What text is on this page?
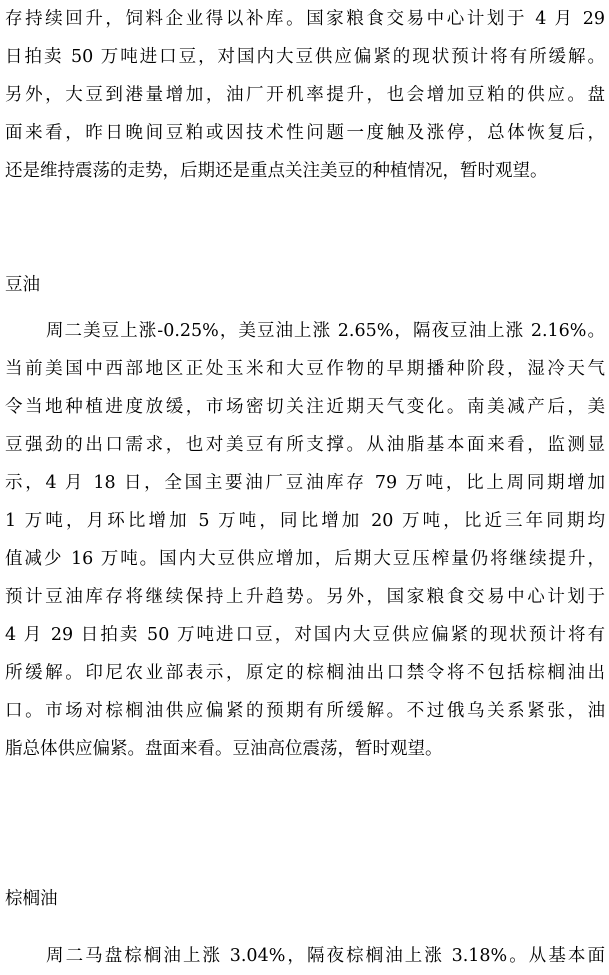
存持续回升，饲料企业得以补库。国家粮食交易中心计划于 4 月 29
日拍卖 50 万吨进口豆，对国内大豆供应偏紧的现状预计将有所缓解。
另外，大豆到港量增加，油厂开机率提升，也会增加豆粕的供应。盘
面来看，昨日晚间豆粕或因技术性问题一度触及涨停，总体恢复后，
还是维持震荡的走势，后期还是重点关注美豆的种植情况，暂时观望。
豆油
周二美豆上涨-0.25%，美豆油上涨 2.65%，隔夜豆油上涨 2.16%。
当前美国中西部地区正处玉米和大豆作物的早期播种阶段，湿冷天气
令当地种植进度放缓，市场密切关注近期天气变化。南美减产后，美
豆强劲的出口需求，也对美豆有所支撑。从油脂基本面来看，监测显
示，4 月 18 日，全国主要油厂豆油库存 79 万吨，比上周同期增加
1 万吨，月环比增加 5 万吨，同比增加 20 万吨，比近三年同期均
值减少 16 万吨。国内大豆供应增加，后期大豆压榨量仍将继续提升，
预计豆油库存将继续保持上升趋势。另外，国家粮食交易中心计划于
4 月 29 日拍卖 50 万吨进口豆，对国内大豆供应偏紧的现状预计将有
所缓解。印尼农业部表示，原定的棕榈油出口禁令将不包括棕榈油出
口。市场对棕榈油供应偏紧的预期有所缓解。不过俄乌关系紧张，油
脂总体供应偏紧。盘面来看。豆油高位震荡，暂时观望。
棕榈油
周二马盘棕榈油上涨 3.04%，隔夜棕榈油上涨 3.18%。从基本面
